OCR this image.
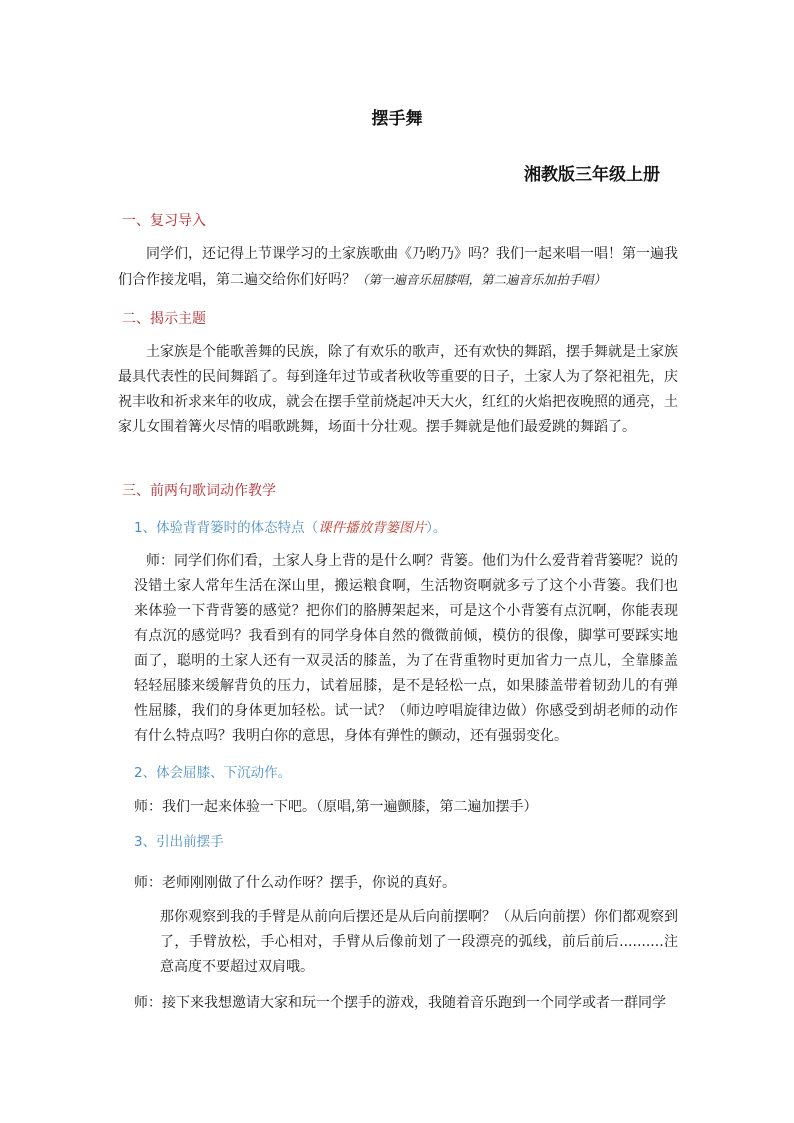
摆手舞
湘教版三年级上册
一、复习导入
同学们，还记得上节课学习的土家族歌曲《乃哟乃》吗？我们一起来唱一唱！第一遍我们合作接龙唱，第二遍交给你们好吗？（第一遍音乐屈膝唱，第二遍音乐加拍手唱）
二、揭示主题
土家族是个能歌善舞的民族，除了有欢乐的歌声，还有欢快的舞蹈，摆手舞就是土家族最具代表性的民间舞蹈了。每到逢年过节或者秋收等重要的日子，土家人为了祭祀祖先，庆祝丰收和祈求来年的收成，就会在摆手堂前烧起冲天大火，红红的火焰把夜晚照的通亮，土家儿女围着篝火尽情的唱歌跳舞，场面十分壮观。摆手舞就是他们最爱跳的舞蹈了。
三、前两句歌词动作教学
1、体验背背篓时的体态特点（课件播放背篓图片）。
师：同学们你们看，土家人身上背的是什么啊？背篓。他们为什么爱背着背篓呢？说的没错土家人常年生活在深山里，搬运粮食啊，生活物资啊就多亏了这个小背篓。我们也来体验一下背背篓的感觉？把你们的胳膊架起来，可是这个小背篓有点沉啊，你能表现有点沉的感觉吗？我看到有的同学身体自然的微微前倾，模仿的很像，脚掌可要踩实地面了，聪明的土家人还有一双灵活的膝盖，为了在背重物时更加省力一点儿，全靠膝盖轻轻屈膝来缓解背负的压力，试着屈膝，是不是轻松一点，如果膝盖带着韧劲儿的有弹性屈膝，我们的身体更加轻松。试一试？（师边哼唱旋律边做）你感受到胡老师的动作有什么特点吗？我明白你的意思，身体有弹性的颤动，还有强弱变化。
2、体会屈膝、下沉动作。
师：我们一起来体验一下吧。（原唱,第一遍颤膝，第二遍加摆手）
3、引出前摆手
师：老师刚刚做了什么动作呀？摆手，你说的真好。
那你观察到我的手臂是从前向后摆还是从后向前摆啊？（从后向前摆）你们都观察到了，手臂放松，手心相对，手臂从后像前划了一段漂亮的弧线，前后前后..........注意高度不要超过双肩哦。
师：接下来我想邀请大家和玩一个摆手的游戏，我随着音乐跑到一个同学或者一群同学
